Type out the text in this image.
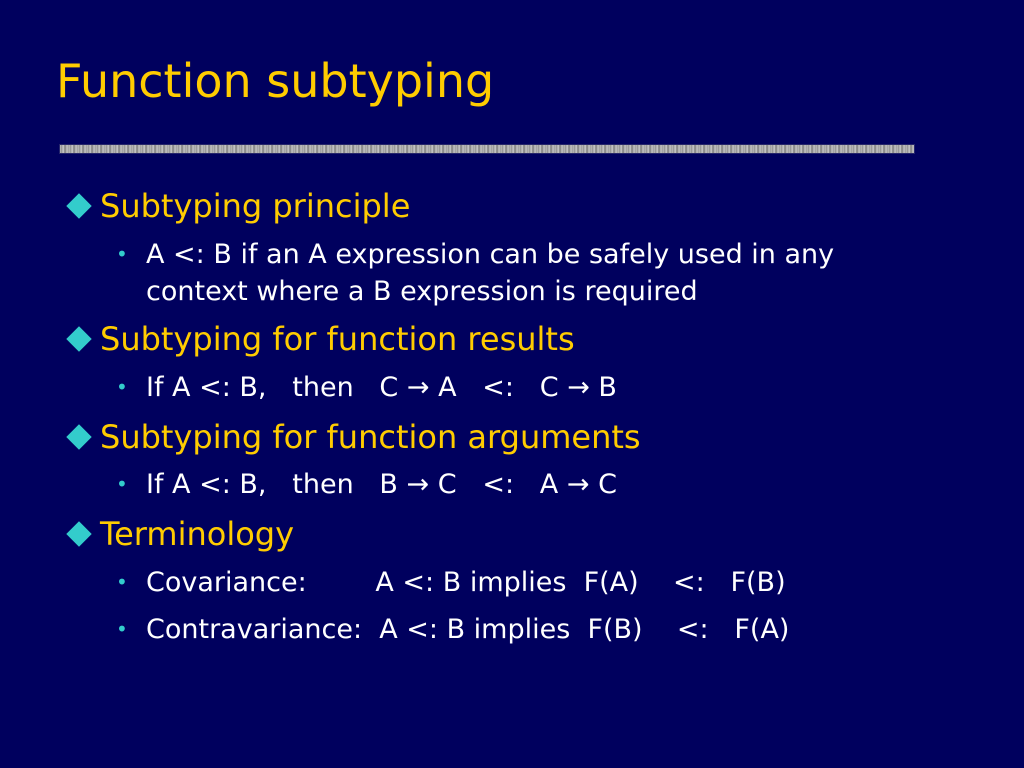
Function subtyping
Subtyping principle
• A <: B if an A expression can be safely used in any
context where a B expression is required
Subtyping for function results
• If A <: B,   then   C → A   <:   C → B
Subtyping for function arguments
• If A <: B,   then   B → C   <:   A → C
Terminology
• Covariance:        A <: B implies  F(A)    <:   F(B)
• Contravariance:  A <: B implies  F(B)    <:   F(A)
